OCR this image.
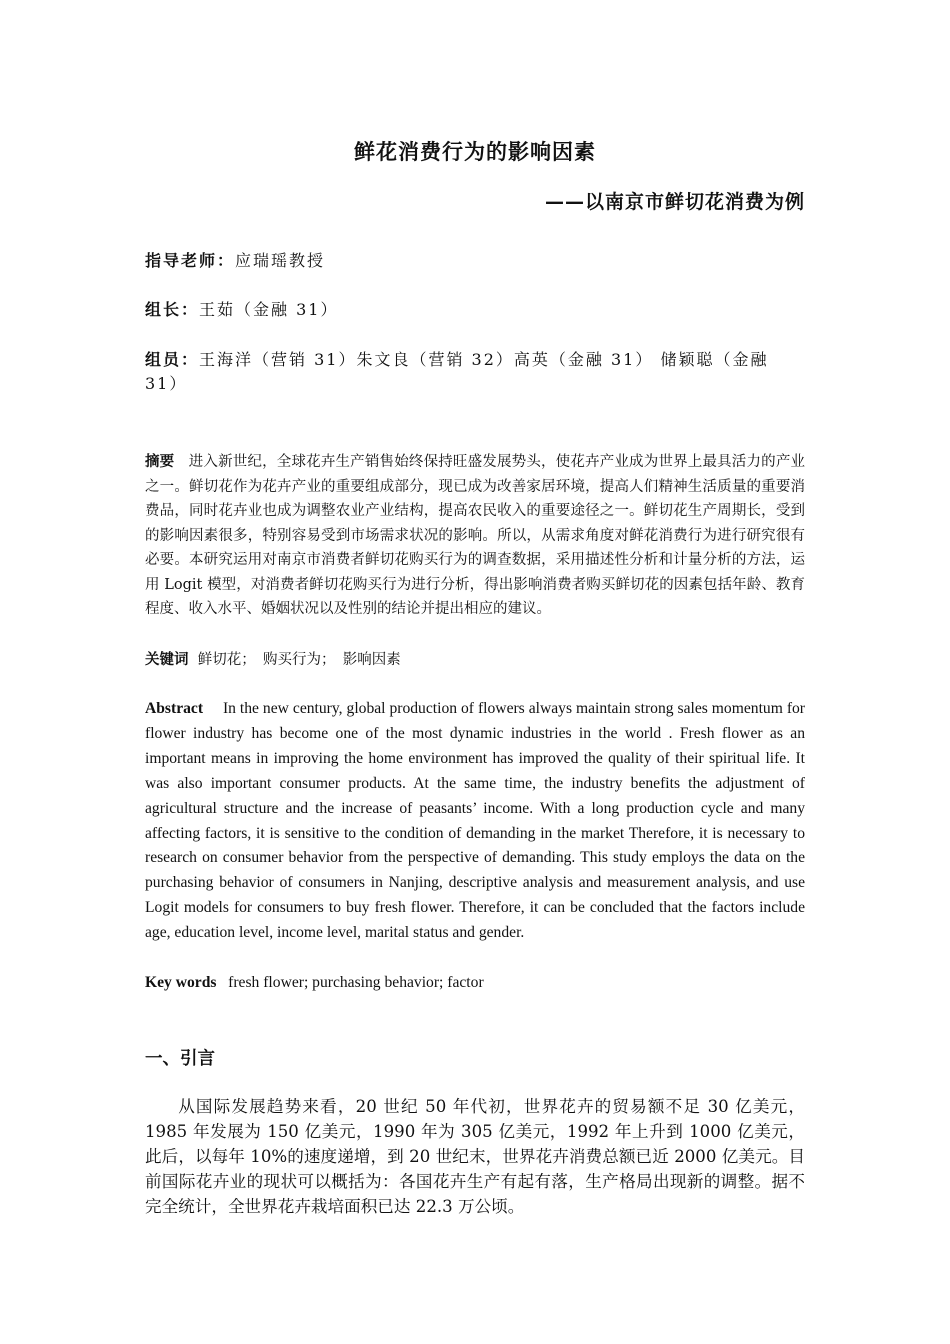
鲜花消费行为的影响因素
——以南京市鲜切花消费为例
指导老师：应瑞瑶教授
组长：王茹（金融 31）
组员：王海洋（营销 31）朱文良（营销 32）高英（金融 31） 储颖聪（金融 31）
摘要 进入新世纪，全球花卉生产销售始终保持旺盛发展势头，使花卉产业成为世界上最具活力的产业之一。鲜切花作为花卉产业的重要组成部分，现已成为改善家居环境，提高人们精神生活质量的重要消费品，同时花卉业也成为调整农业产业结构，提高农民收入的重要途径之一。鲜切花生产周期长，受到的影响因素很多，特别容易受到市场需求状况的影响。所以，从需求角度对鲜花消费行为进行研究很有必要。本研究运用对南京市消费者鲜切花购买行为的调查数据，采用描述性分析和计量分析的方法，运用 Logit 模型，对消费者鲜切花购买行为进行分析，得出影响消费者购买鲜切花的因素包括年龄、教育程度、收入水平、婚姻状况以及性别的结论并提出相应的建议。
关键词 鲜切花；　购买行为；　影响因素
Abstract In the new century, global production of flowers always maintain strong sales momentum for flower industry has become one of the most dynamic industries in the world . Fresh flower as an important means in improving the home environment has improved the quality of their spiritual life. It was also important consumer products. At the same time, the industry benefits the adjustment of agricultural structure and the increase of peasants’ income. With a long production cycle and many affecting factors, it is sensitive to the condition of demanding in the market Therefore, it is necessary to research on consumer behavior from the perspective of demanding. This study employs the data on the purchasing behavior of consumers in Nanjing, descriptive analysis and measurement analysis, and use Logit models for consumers to buy fresh flower. Therefore, it can be concluded that the factors include age, education level, income level, marital status and gender.
Key words fresh flower; purchasing behavior; factor
一、引言
从国际发展趋势来看，20 世纪 50 年代初，世界花卉的贸易额不足 30 亿美元，1985 年发展为 150 亿美元，1990 年为 305 亿美元，1992 年上升到 1000 亿美元，此后，以每年 10%的速度递增，到 20 世纪末，世界花卉消费总额已近 2000 亿美元。目前国际花卉业的现状可以概括为：各国花卉生产有起有落，生产格局出现新的调整。据不完全统计，全世界花卉栽培面积已达 22.3 万公顷。
